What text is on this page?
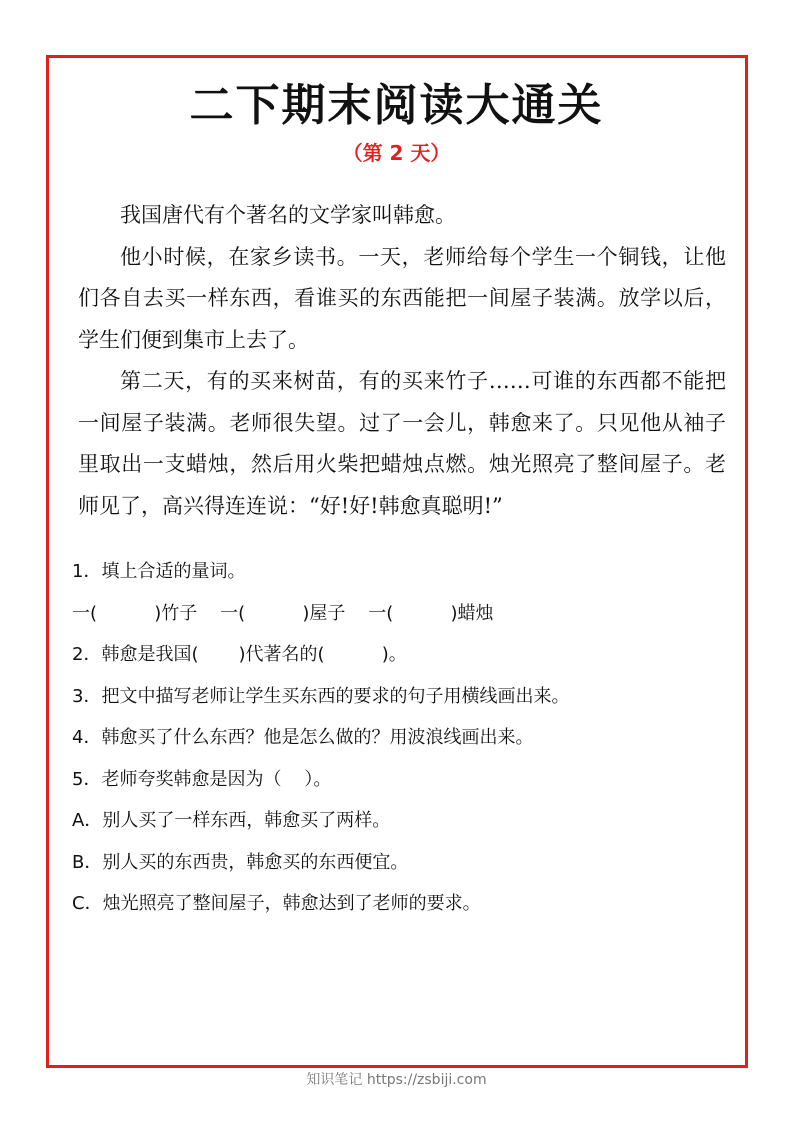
二下期末阅读大通关
（第 2 天）

我国唐代有个著名的文学家叫韩愈。

他小时候，在家乡读书。一天，老师给每个学生一个铜钱，让他们各自去买一样东西，看谁买的东西能把一间屋子装满。放学以后，学生们便到集市上去了。

第二天，有的买来树苗，有的买来竹子……可谁的东西都不能把一间屋子装满。老师很失望。过了一会儿，韩愈来了。只见他从袖子里取出一支蜡烛，然后用火柴把蜡烛点燃。烛光照亮了整间屋子。老师见了，高兴得连连说：“好!好!韩愈真聪明!”

1．填上合适的量词。
一(          )竹子    一(          )屋子    一(          )蜡烛
2．韩愈是我国(       )代著名的(          )。
3．把文中描写老师让学生买东西的要求的句子用横线画出来。
4．韩愈买了什么东西？他是怎么做的？用波浪线画出来。
5．老师夸奖韩愈是因为（    ）。
A．别人买了一样东西，韩愈买了两样。
B．别人买的东西贵，韩愈买的东西便宜。
C．烛光照亮了整间屋子，韩愈达到了老师的要求。
知识笔记 https://zsbiji.com
